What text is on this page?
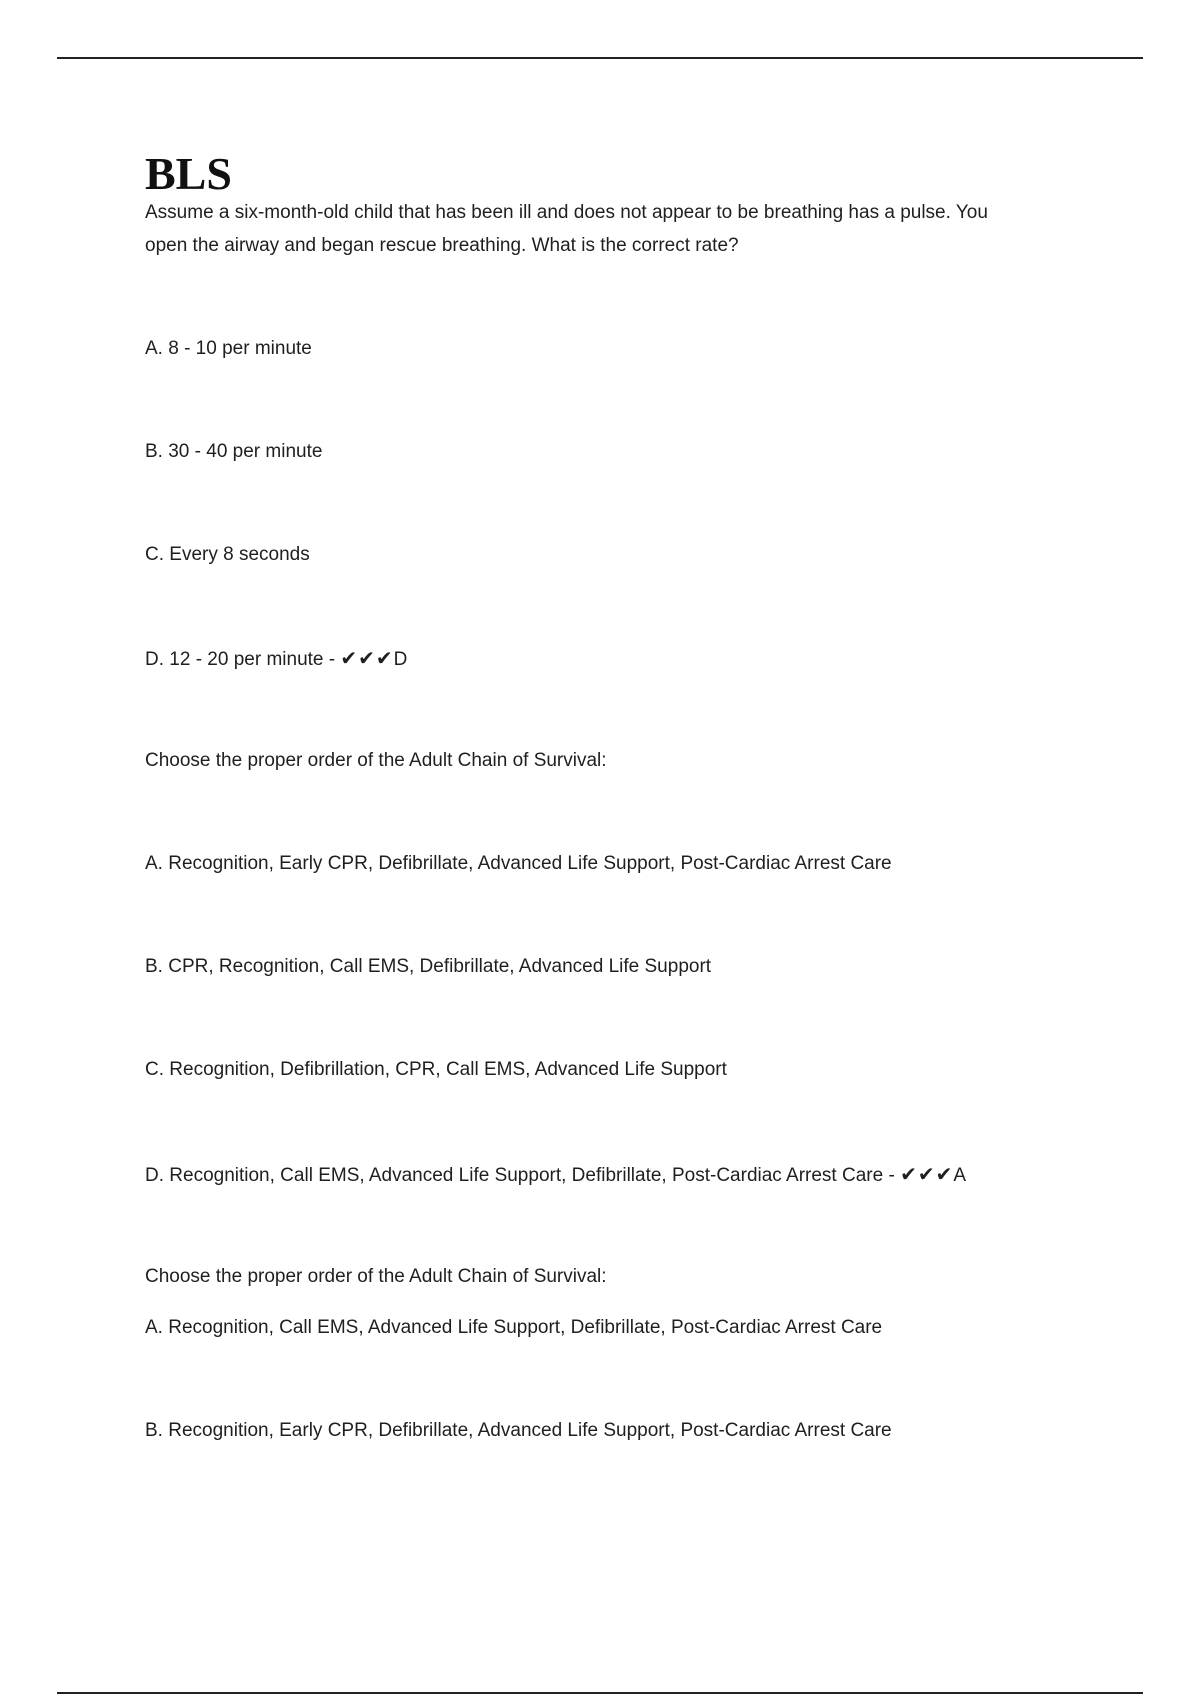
BLS

Assume a six-month-old child that has been ill and does not appear to be breathing has a pulse. You

open the airway and began rescue breathing. What is the correct rate?

A. 8 - 10 per minute

B. 30 - 40 per minute

C. Every 8 seconds

D. 12 - 20 per minute - ✔✔✔D

Choose the proper order of the Adult Chain of Survival:

A. Recognition, Early CPR, Defibrillate, Advanced Life Support, Post-Cardiac Arrest Care

B. CPR, Recognition, Call EMS, Defibrillate, Advanced Life Support

C. Recognition, Defibrillation, CPR, Call EMS, Advanced Life Support

D. Recognition, Call EMS, Advanced Life Support, Defibrillate, Post-Cardiac Arrest Care - ✔✔✔A

Choose the proper order of the Adult Chain of Survival:

A. Recognition, Call EMS, Advanced Life Support, Defibrillate, Post-Cardiac Arrest Care

B. Recognition, Early CPR, Defibrillate, Advanced Life Support, Post-Cardiac Arrest Care
